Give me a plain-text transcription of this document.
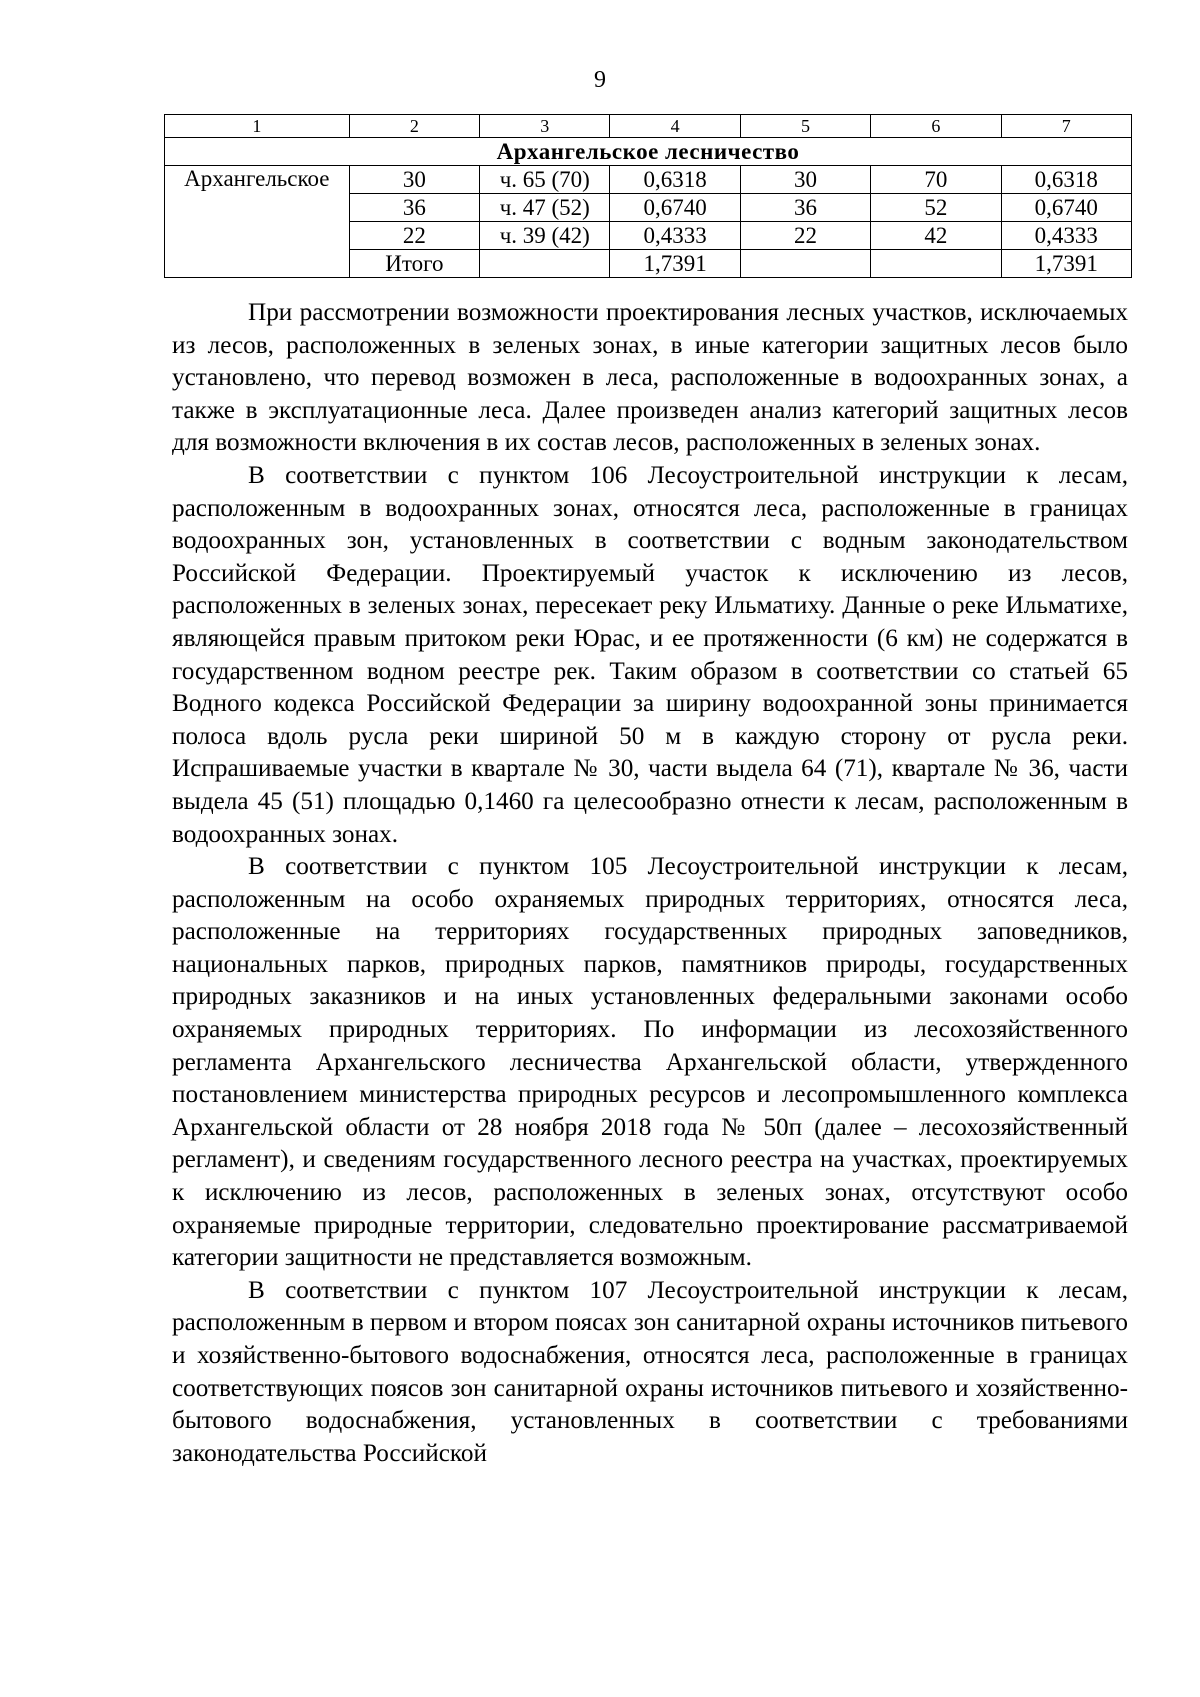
9
1	2	3	4	5	6	7
Архангельское лесничество						
Архангельское	30	ч. 65 (70)	0,6318	30	70	0,6318
	36	ч. 47 (52)	0,6740	36	52	0,6740
	22	ч. 39 (42)	0,4333	22	42	0,4333
	Итого		1,7391			1,7391

При рассмотрении возможности проектирования лесных участков, исключаемых из лесов, расположенных в зеленых зонах, в иные категории защитных лесов было установлено, что перевод возможен в леса, расположенные в водоохранных зонах, а также в эксплуатационные леса. Далее произведен анализ категорий защитных лесов для возможности включения в их состав лесов, расположенных в зеленых зонах.

В соответствии с пунктом 106 Лесоустроительной инструкции к лесам, расположенным в водоохранных зонах, относятся леса, расположенные в границах водоохранных зон, установленных в соответствии с водным законодательством Российской Федерации. Проектируемый участок к исключению из лесов, расположенных в зеленых зонах, пересекает реку Ильматиху. Данные о реке Ильматихе, являющейся правым притоком реки Юрас, и ее протяженности (6 км) не содержатся в государственном водном реестре рек. Таким образом в соответствии со статьей 65 Водного кодекса Российской Федерации за ширину водоохранной зоны принимается полоса вдоль русла реки шириной 50 м в каждую сторону от русла реки. Испрашиваемые участки в квартале № 30, части выдела 64 (71), квартале № 36, части выдела 45 (51) площадью 0,1460 га целесообразно отнести к лесам, расположенным в водоохранных зонах.

В соответствии с пунктом 105 Лесоустроительной инструкции к лесам, расположенным на особо охраняемых природных территориях, относятся леса, расположенные на территориях государственных природных заповедников, национальных парков, природных парков, памятников природы, государственных природных заказников и на иных установленных федеральными законами особо охраняемых природных территориях. По информации из лесохозяйственного регламента Архангельского лесничества Архангельской области, утвержденного постановлением министерства природных ресурсов и лесопромышленного комплекса Архангельской области от 28 ноября 2018 года № 50п (далее – лесохозяйственный регламент), и сведениям государственного лесного реестра на участках, проектируемых к исключению из лесов, расположенных в зеленых зонах, отсутствуют особо охраняемые природные территории, следовательно проектирование рассматриваемой категории защитности не представляется возможным.

В соответствии с пунктом 107 Лесоустроительной инструкции к лесам, расположенным в первом и втором поясах зон санитарной охраны источников питьевого и хозяйственно-бытового водоснабжения, относятся леса, расположенные в границах соответствующих поясов зон санитарной охраны источников питьевого и хозяйственно-бытового водоснабжения, установленных в соответствии с требованиями законодательства Российской
